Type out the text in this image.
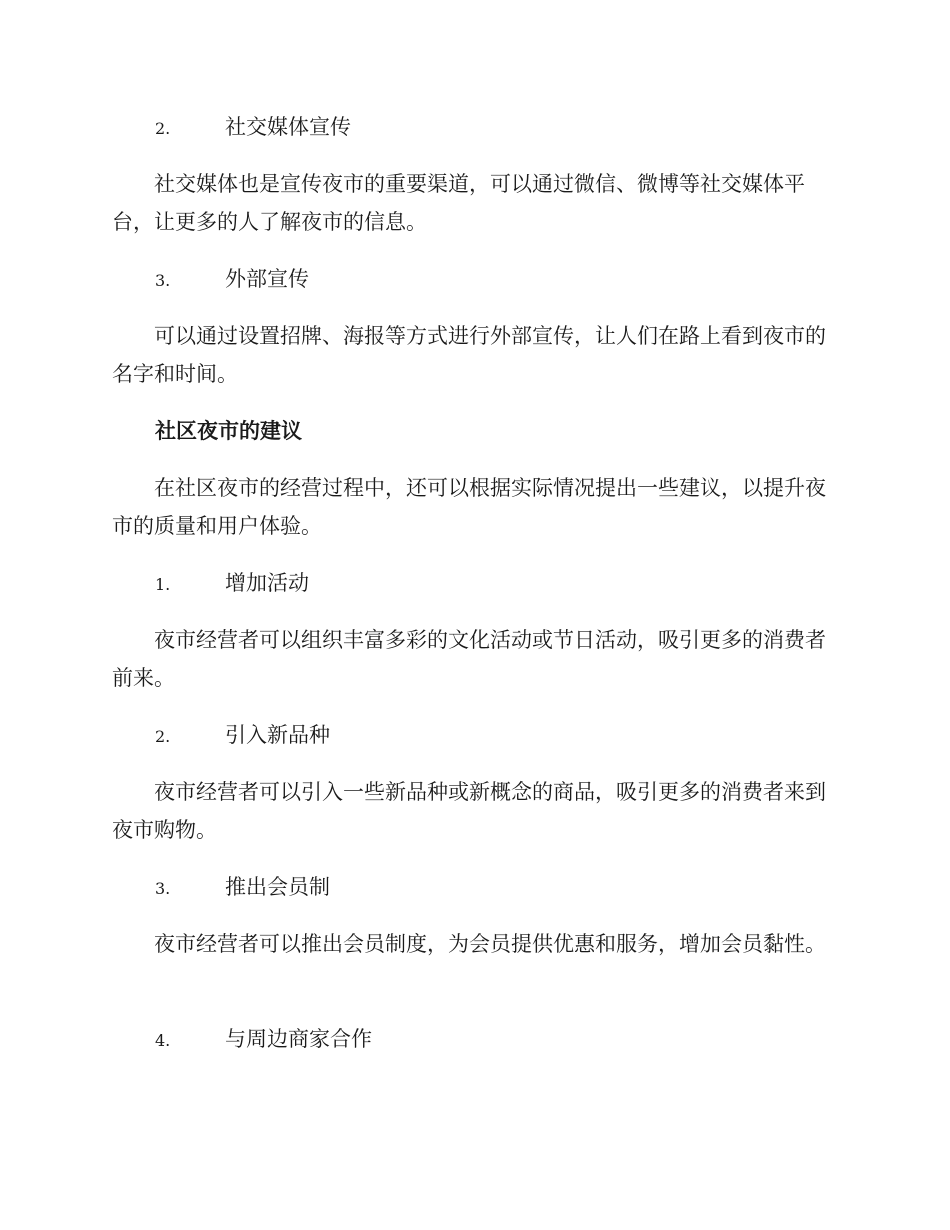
2.	社交媒体宣传

社交媒体也是宣传夜市的重要渠道，可以通过微信、微博等社交媒体平台，让更多的人了解夜市的信息。

3.	外部宣传

可以通过设置招牌、海报等方式进行外部宣传，让人们在路上看到夜市的名字和时间。

社区夜市的建议

在社区夜市的经营过程中，还可以根据实际情况提出一些建议，以提升夜市的质量和用户体验。

1.	增加活动

夜市经营者可以组织丰富多彩的文化活动或节日活动，吸引更多的消费者前来。

2.	引入新品种

夜市经营者可以引入一些新品种或新概念的商品，吸引更多的消费者来到夜市购物。

3.	推出会员制

夜市经营者可以推出会员制度，为会员提供优惠和服务，增加会员黏性。

4.	与周边商家合作
